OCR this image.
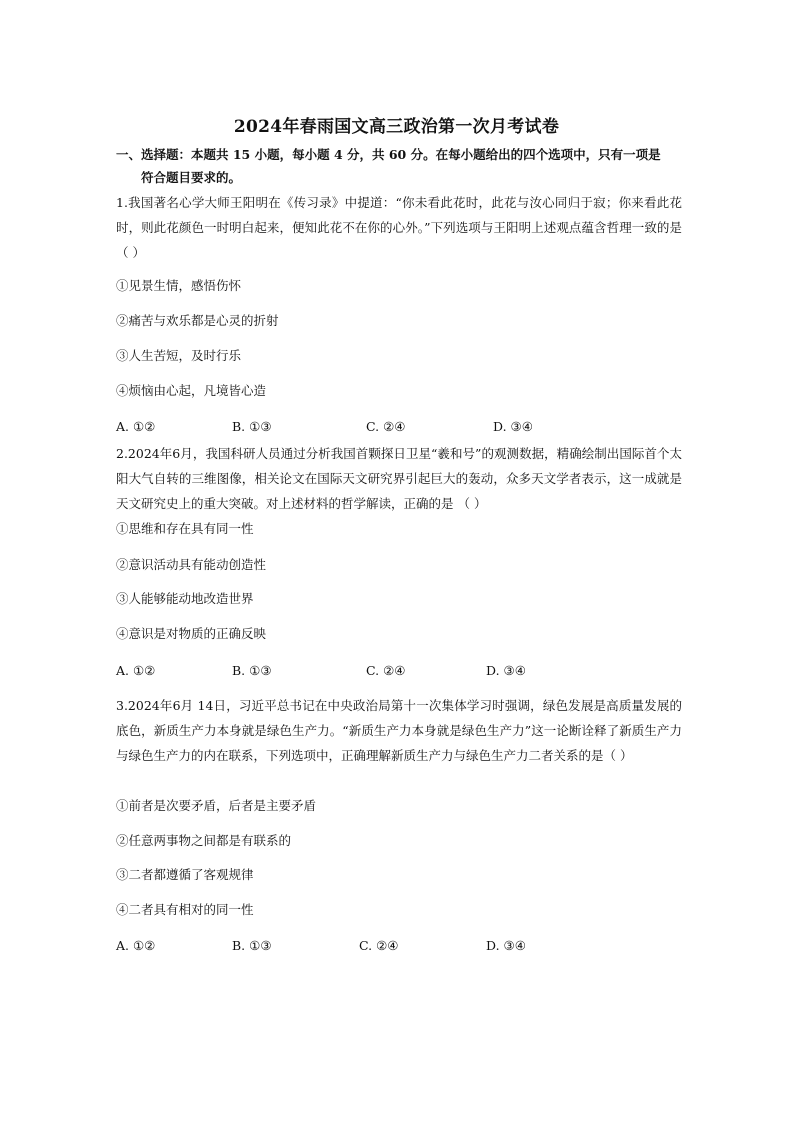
2024年春雨国文高三政治第一次月考试卷
一、选择题：本题共 15 小题，每小题 4 分，共 60 分。在每小题给出的四个选项中，只有一项是
符合题目要求的。
1.我国著名心学大师王阳明在《传习录》中提道：“你未看此花时，此花与汝心同归于寂；你来看此花时，则此花颜色一时明白起来，便知此花不在你的心外。”下列选项与王阳明上述观点蕴含哲理一致的是（ ）
①见景生情，感悟伤怀
②痛苦与欢乐都是心灵的折射
③人生苦短，及时行乐
④烦恼由心起，凡境皆心造
A. ①②	B. ①③	C. ②④	D. ③④
2.2024年6月，我国科研人员通过分析我国首颗探日卫星“羲和号”的观测数据，精确绘制出国际首个太阳大气自转的三维图像，相关论文在国际天文研究界引起巨大的轰动，众多天文学者表示，这一成就是天文研究史上的重大突破。对上述材料的哲学解读，正确的是 （ ）
①思维和存在具有同一性
②意识活动具有能动创造性
③人能够能动地改造世界
④意识是对物质的正确反映
A. ①②	B. ①③	C. ②④	D. ③④
3.2024年6月 14日，习近平总书记在中央政治局第十一次集体学习时强调，绿色发展是高质量发展的底色，新质生产力本身就是绿色生产力。“新质生产力本身就是绿色生产力”这一论断诠释了新质生产力与绿色生产力的内在联系，下列选项中，正确理解新质生产力与绿色生产力二者关系的是（ ）
①前者是次要矛盾，后者是主要矛盾
②任意两事物之间都是有联系的
③二者都遵循了客观规律
④二者具有相对的同一性
A. ①②	B. ①③	C. ②④	D. ③④
